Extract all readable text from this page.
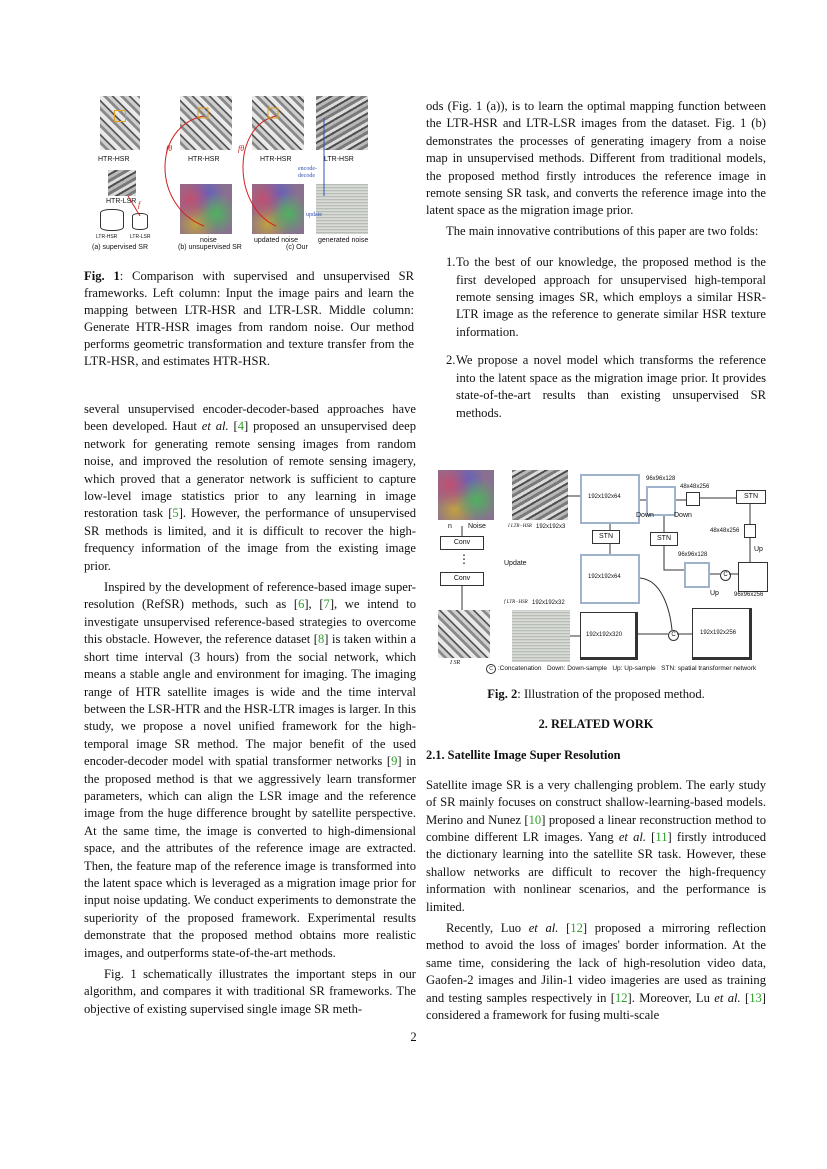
HTR-HSR
HTR-LSR
LTR-HSR	LTR-LSR
(a) supervised SR
HTR-HSR
noise
(b) unsupervised SR
fθ
HTR-HSR
updated noise
fθ
LTR-HSR
encode-decode
update
generated noise
(c) Our
f
Fig. 1: Comparison with supervised and unsupervised SR frameworks. Left column: Input the image pairs and learn the mapping between LTR-HSR and LTR-LSR. Middle column: Generate HTR-HSR images from random noise. Our method performs geometric transformation and texture transfer from the LTR-HSR, and estimates HTR-HSR.

several unsupervised encoder-decoder-based approaches have been developed. Haut et al. [4] proposed an unsupervised deep network for generating remote sensing images from random noise, and improved the resolution of remote sensing imagery, which proved that a generator network is sufficient to capture low-level image statistics prior to any learning in image restoration task [5]. However, the performance of unsupervised SR methods is limited, and it is difficult to recover the high-frequency information of the image from the existing image prior.

Inspired by the development of reference-based image super-resolution (RefSR) methods, such as [6], [7], we intend to investigate unsupervised reference-based strategies to overcome this obstacle. However, the reference dataset [8] is taken within a short time interval (3 hours) from the social network, which means a stable angle and environment for imaging. The imaging range of HTR satellite images is wide and the time interval between the LSR-HTR and the HSR-LTR images is larger. In this study, we propose a novel unified framework for the high-temporal image SR method. The major benefit of the used encoder-decoder model with spatial transformer networks [9] in the proposed method is that we aggressively learn transformer parameters, which can align the LSR image and the reference image from the huge difference brought by satellite perspective. At the same time, the image is converted to high-dimensional space, and the attributes of the reference image are extracted. Then, the feature map of the reference image is transformed into the latent space which is leveraged as a migration image prior for input noise updating. We conduct experiments to demonstrate the superiority of the proposed framework. Experimental results demonstrate that the proposed method obtains more realistic images, and outperforms state-of-the-art methods.

Fig. 1 schematically illustrates the important steps in our algorithm, and compares it with traditional SR frameworks. The objective of existing supervised single image SR meth-

ods (Fig. 1 (a)), is to learn the optimal mapping function between the LTR-HSR and LTR-LSR images from the dataset. Fig. 1 (b) demonstrates the processes of generating imagery from a noise map in unsupervised methods. Different from traditional models, the proposed method firstly introduces the reference image in remote sensing SR task, and converts the reference image into the latent space as the migration image prior.

The main innovative contributions of this paper are two folds:

1. To the best of our knowledge, the proposed method is the first developed approach for unsupervised high-temporal remote sensing images SR, which employs a similar HSR-LTR image as the reference to generate similar HSR texture information.
2. We propose a novel model which transforms the reference into the latent space as the migration image prior. It provides state-of-the-art results than existing unsupervised SR methods.
n Noise
Conv
⋮
Conv
I SR
I LTR−HSR 192x192x3
Update
f LTR−HSR 192x192x32
192x192x64
STN
192x192x64
96x96x128
Down	Down
48x48x256
STN
48x48x256
Up
STN
96x96x128
C
Up	96x96x256
192x192x320	C	192x192x256
C :Concatenation Down: Down-sample Up: Up-sample STN: spatial transformer network
Fig. 2: Illustration of the proposed method.
2. RELATED WORK
2.1. Satellite Image Super Resolution

Satellite image SR is a very challenging problem. The early study of SR mainly focuses on construct shallow-learning-based models. Merino and Nunez [10] proposed a linear reconstruction method to combine different LR images. Yang et al. [11] firstly introduced the dictionary learning into the satellite SR task. However, these shallow networks are difficult to recover the high-frequency information with nonlinear scenarios, and the performance is limited.

Recently, Luo et al. [12] proposed a mirroring reflection method to avoid the loss of images' border information. At the same time, considering the lack of high-resolution video data, Gaofen-2 images and Jilin-1 video imageries are used as training and testing samples respectively in [12]. Moreover, Lu et al. [13] considered a framework for fusing multi-scale

2
